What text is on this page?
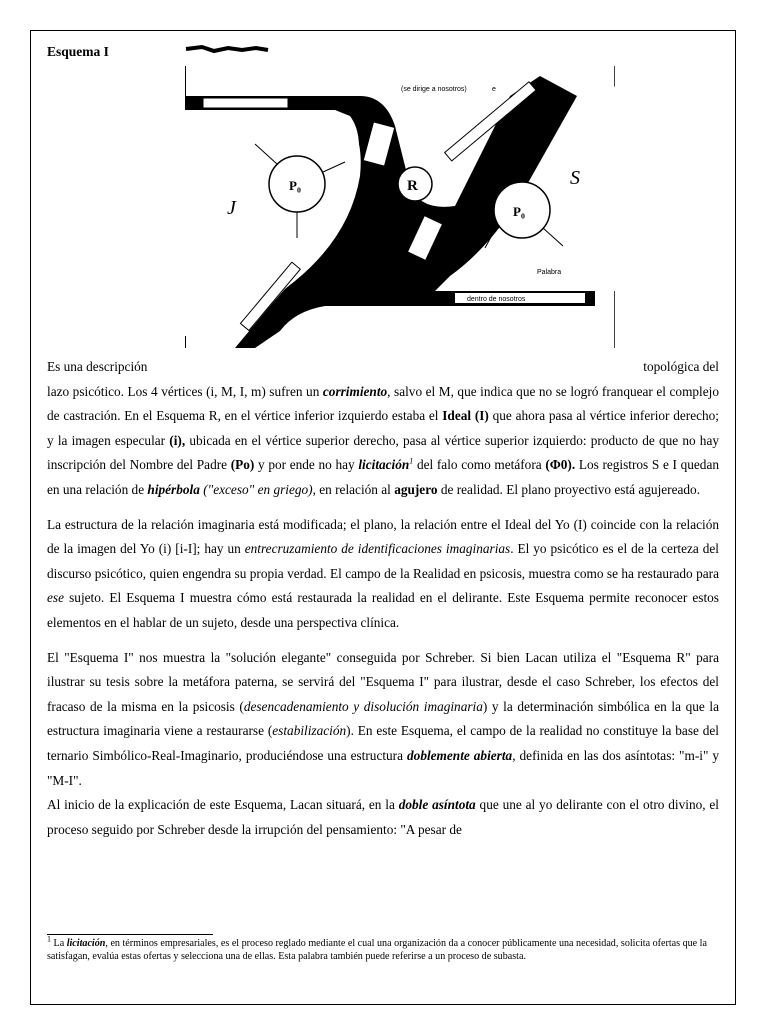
Esquema I
(se dirige a nosotros)	e
dentro de nosotros
P₀	R
P₀
J
S
Palabra
e' (ama a su mujer)

Es una descripción	topológica del
lazo psicótico. Los 4 vértices (i, M, I, m) sufren un corrimiento, salvo el M, que indica que no se logró franquear el complejo de castración. En el Esquema R, en el vértice inferior izquierdo estaba el Ideal (I) que ahora pasa al vértice inferior derecho; y la imagen especular (i), ubicada en el vértice superior derecho, pasa al vértice superior izquierdo: producto de que no hay inscripción del Nombre del Padre (Po) y por ende no hay licitación$^1$ del falo como metáfora (Φ0). Los registros S e I quedan en una relación de hipérbola ("exceso" en griego), en relación al agujero de realidad. El plano proyectivo está agujereado.

La estructura de la relación imaginaria está modificada; el plano, la relación entre el Ideal del Yo (I) coincide con la relación de la imagen del Yo (i) [i-I]; hay un entrecruzamiento de identificaciones imaginarias. El yo psicótico es el de la certeza del discurso psicótico, quien engendra su propia verdad. El campo de la Realidad en psicosis, muestra como se ha restaurado para ese sujeto. El Esquema I muestra cómo está restaurada la realidad en el delirante. Este Esquema permite reconocer estos elementos en el hablar de un sujeto, desde una perspectiva clínica.

El "Esquema I" nos muestra la "solución elegante" conseguida por Schreber. Si bien Lacan utiliza el "Esquema R" para ilustrar su tesis sobre la metáfora paterna, se servirá del "Esquema I" para ilustrar, desde el caso Schreber, los efectos del fracaso de la misma en la psicosis (desencadenamiento y disolución imaginaria) y la determinación simbólica en la que la estructura imaginaria viene a restaurarse (estabilización). En este Esquema, el campo de la realidad no constituye la base del ternario Simbólico-Real-Imaginario, produciéndose una estructura doblemente abierta, definida en las dos asíntotas: "m-i" y "M-I".

Al inicio de la explicación de este Esquema, Lacan situará, en la doble asíntota que une al yo delirante con el otro divino, el proceso seguido por Schreber desde la irrupción del pensamiento: "A pesar de

$^1$ La licitación, en términos empresariales, es el proceso reglado mediante el cual una organización da a conocer públicamente una necesidad, solicita ofertas que la satisfagan, evalúa estas ofertas y selecciona una de ellas. Esta palabra también puede referirse a un proceso de subasta.
